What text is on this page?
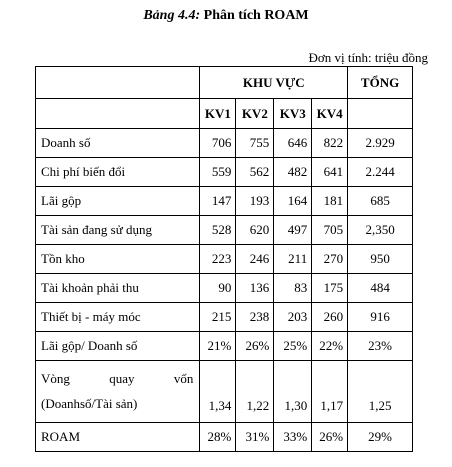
Bảng 4.4: Phân tích ROAM
Đơn vị tính: triệu đồng
	KHU VỰC				TỔNG
	KV1	KV2	KV3	KV4	
Doanh số	706	755	646	822	2.929
Chi phí biến đổi	559	562	482	641	2.244
Lãi gộp	147	193	164	181	685
Tài sản đang sử dụng	528	620	497	705	2,350
Tồn kho	223	246	211	270	950
Tài khoản phải thu	90	136	83	175	484
Thiết bị - máy móc	215	238	203	260	916
Lãi gộp/ Doanh số	21%	26%	25%	22%	23%

Vòng quay vốn
(Doanhsố/Tài sản)	1,34	1,22	1,30	1,17	1,25
ROAM	28%	31%	33%	26%	29%
